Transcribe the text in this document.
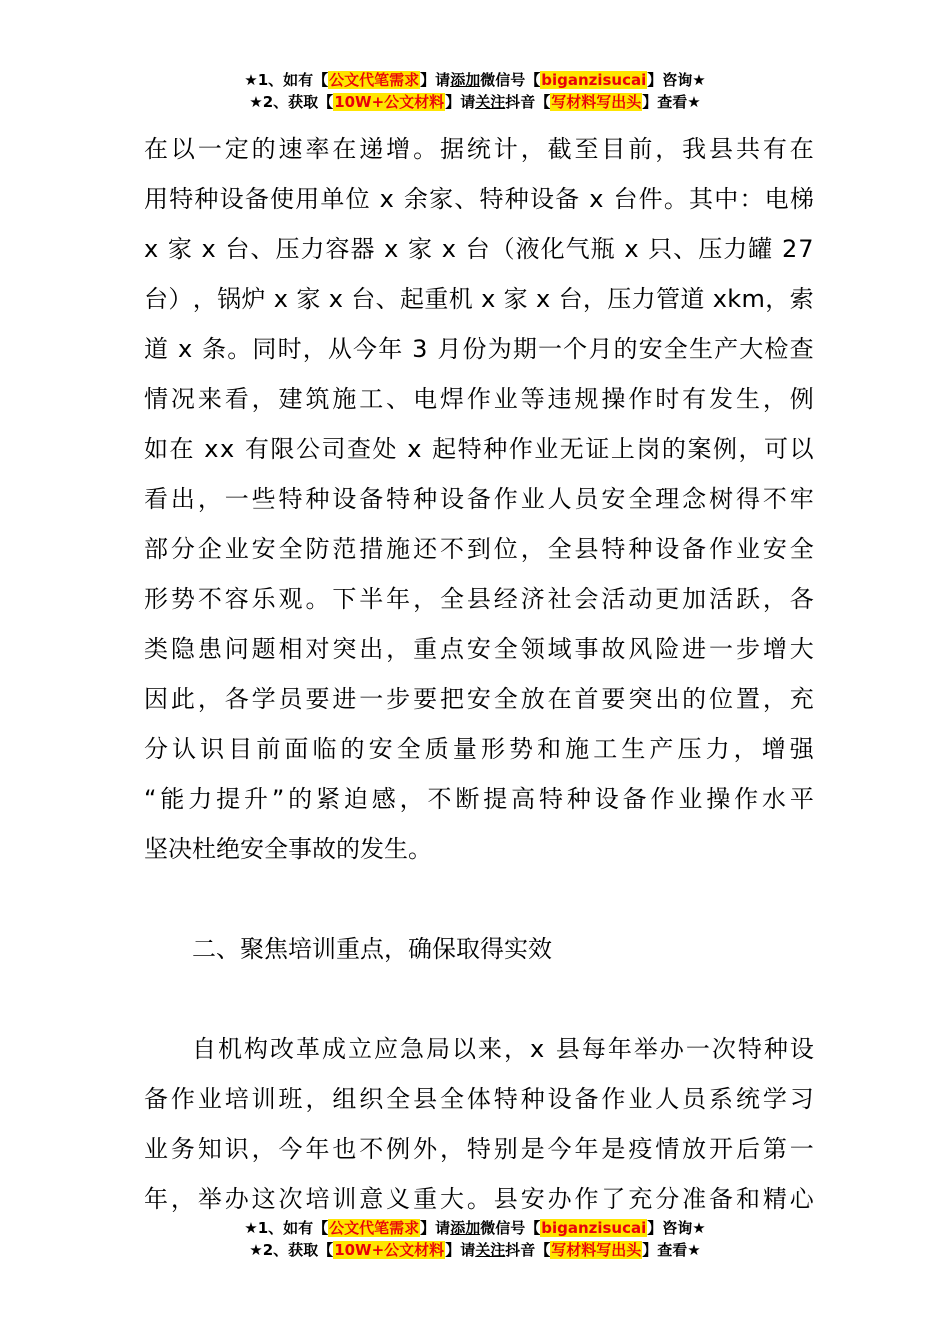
★1、如有【公文代笔需求】请添加微信号【biganzisucai】咨询★
★2、获取【10W+公文材料】请关注抖音【写材料写出头】查看★
在 以 一 定 的 速 率 在 递 增 。 据 统 计 ， 截 至 目 前 ， 我 县 共 有 在
用 特 种 设 备 使 用 单 位
x
余 家 、 特 种 设 备
x
台 件 。 其 中 ： 电 梯
x
家
x
台 、 压 力 容 器
x
家
x
台 （ 液 化 气 瓶
x
只 、 压 力 罐
2 7
台 ） ， 锅 炉
x
家
x
台 、 起 重 机
x
家
x
台 ， 压 力 管 道
x k m ， 索
道
x
条 。 同 时 ， 从 今 年
3
月 份 为 期 一 个 月 的 安 全 生 产 大 检 查
情 况 来 看 ， 建 筑 施 工 、 电 焊 作 业 等 违 规 操 作 时 有 发 生 ， 例
如 在
x x
有 限 公 司 查 处
x
起 特 种 作 业 无 证 上 岗 的 案 例 ， 可 以
看 出 ， 一 些 特 种 设 备 特 种 设 备 作 业 人 员 安 全 理 念 树 得 不 牢
部 分 企 业 安 全 防 范 措 施 还 不 到 位 ， 全 县 特 种 设 备 作 业 安 全
形 势 不 容 乐 观 。 下 半 年 ， 全 县 经 济 社 会 活 动 更 加 活 跃 ， 各
类 隐 患 问 题 相 对 突 出 ， 重 点 安 全 领 域 事 故 风 险 进 一 步 增 大
因 此 ， 各 学 员 要 进 一 步 要 把 安 全 放 在 首 要 突 出 的 位 置 ， 充
分 认 识 目 前 面 临 的 安 全 质 量 形 势 和 施 工 生 产 压 力 ， 增 强
“ 能 力 提 升 ” 的 紧 迫 感 ， 不 断 提 高 特 种 设 备 作 业 操 作 水 平
坚决杜绝安全事故的发生。
二、聚焦培训重点，确保取得实效
自 机 构 改 革 成 立 应 急 局 以 来 ， x
县 每 年 举 办 一 次 特 种 设
备 作 业 培 训 班 ， 组 织 全 县 全 体 特 种 设 备 作 业 人 员 系 统 学 习
业 务 知 识 ， 今 年 也 不 例 外 ， 特 别 是 今 年 是 疫 情 放 开 后 第 一
年 ， 举 办 这 次 培 训 意 义 重 大 。 县 安 办 作 了 充 分 准 备 和 精 心
★1、如有【公文代笔需求】请添加微信号【biganzisucai】咨询★
★2、获取【10W+公文材料】请关注抖音【写材料写出头】查看★
